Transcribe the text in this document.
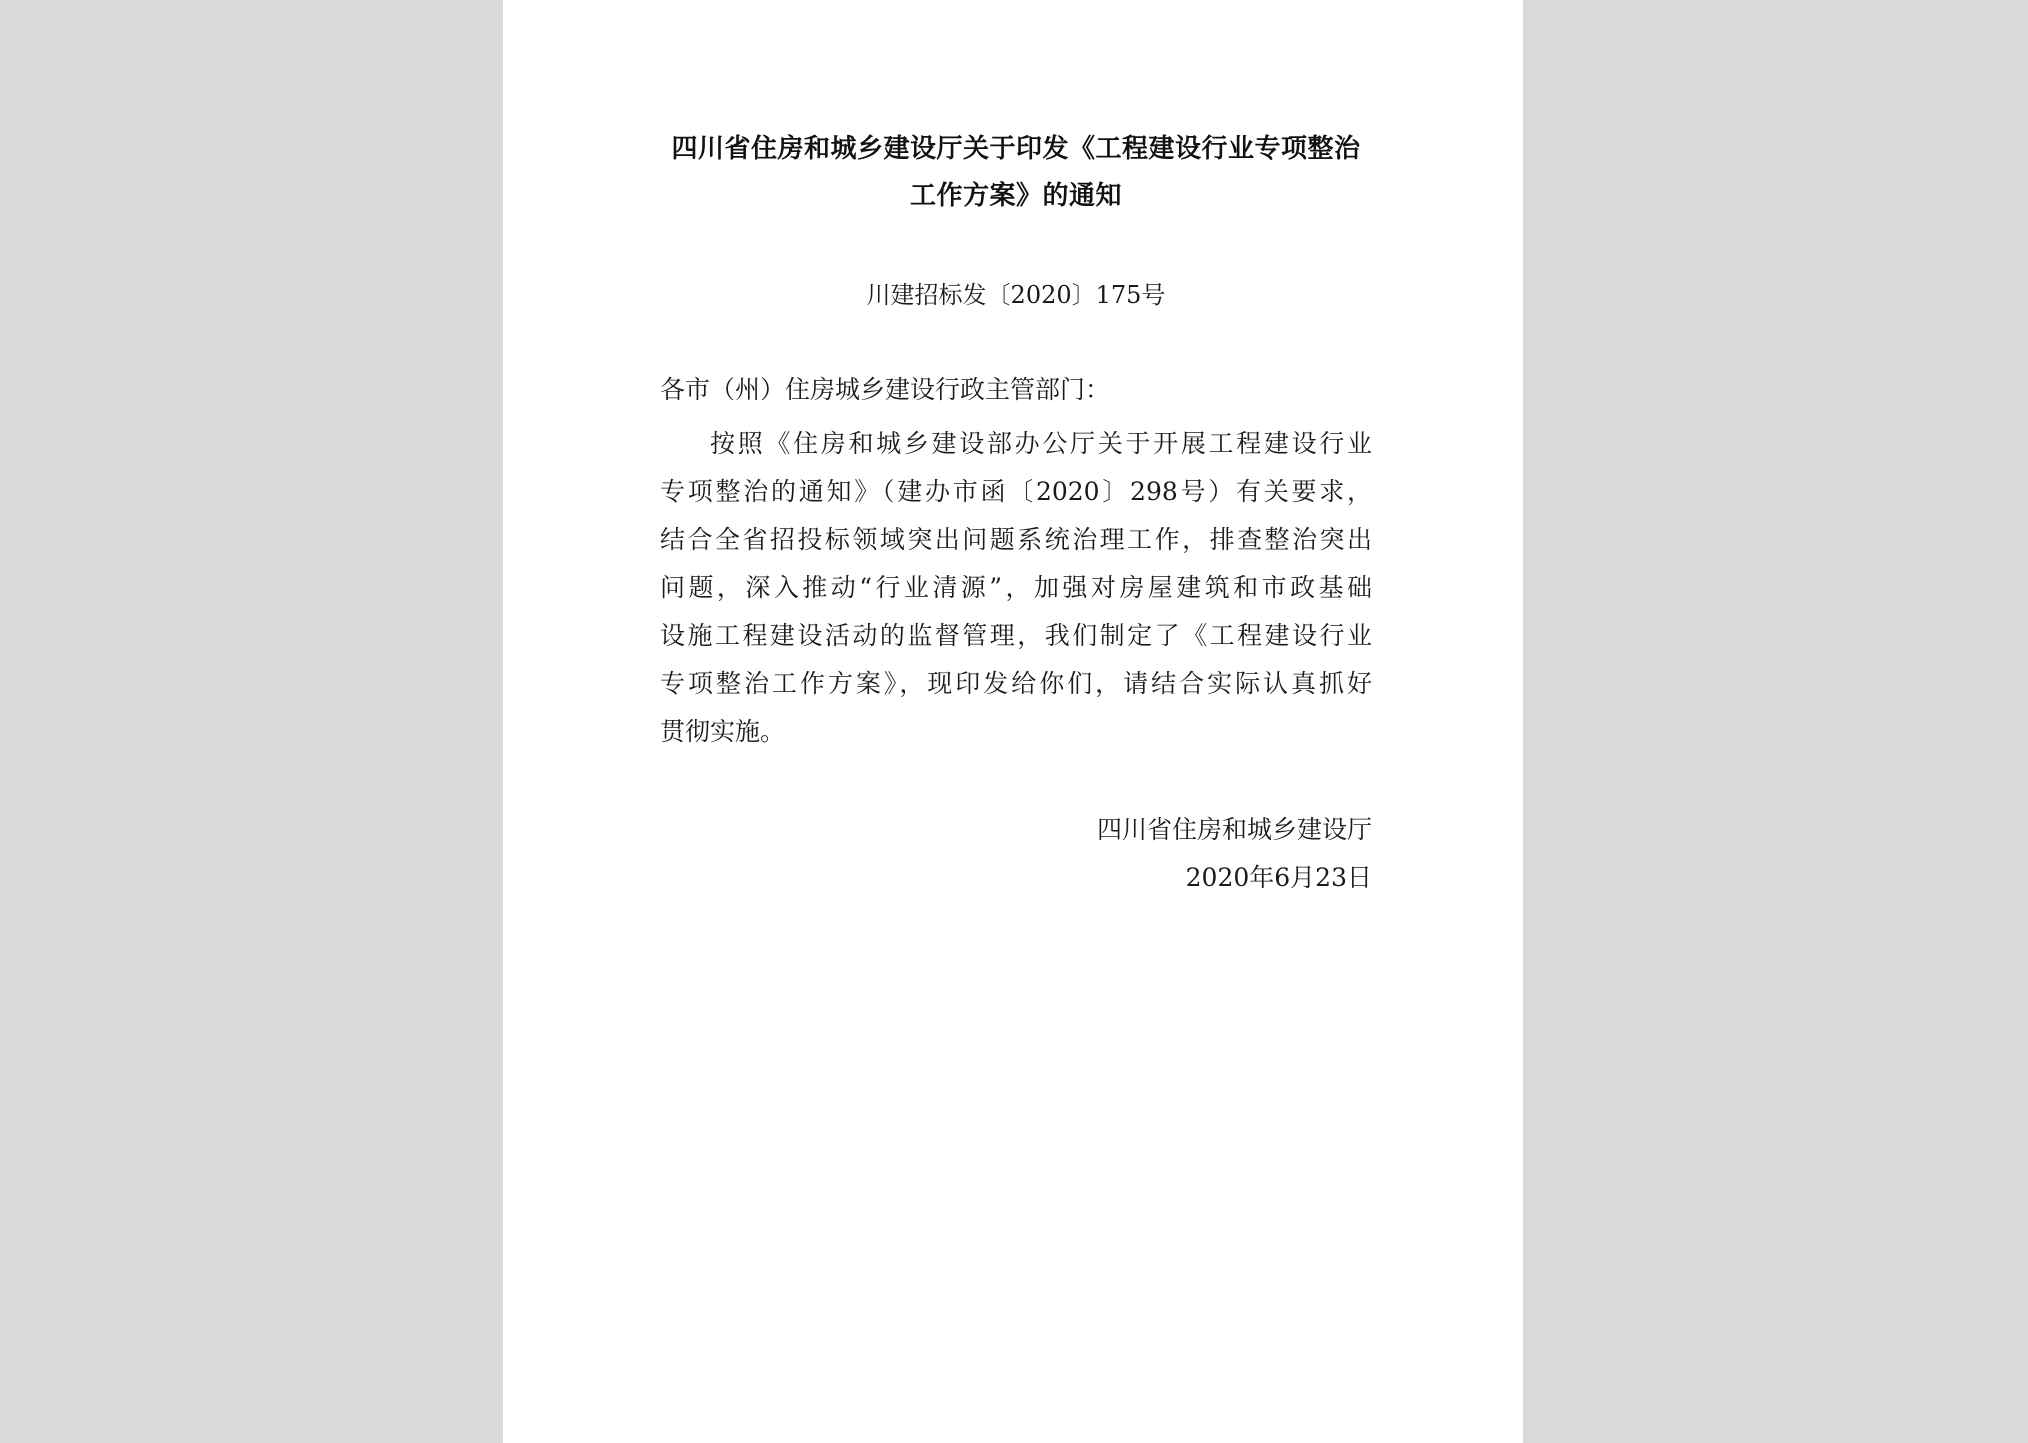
四川省住房和城乡建设厅关于印发《工程建设行业专项整治
工作方案》的通知
川建招标发〔2020〕175号
各市（州）住房城乡建设行政主管部门：
按照《住房和城乡建设部办公厅关于开展工程建设行业
专项整治的通知》（建办市函〔2020〕298号）有关要求，
结合全省招投标领域突出问题系统治理工作，排查整治突出
问题，深入推动“行业清源”，加强对房屋建筑和市政基础
设施工程建设活动的监督管理，我们制定了《工程建设行业
专项整治工作方案》，现印发给你们，请结合实际认真抓好
贯彻实施。
四川省住房和城乡建设厅
2020年6月23日
